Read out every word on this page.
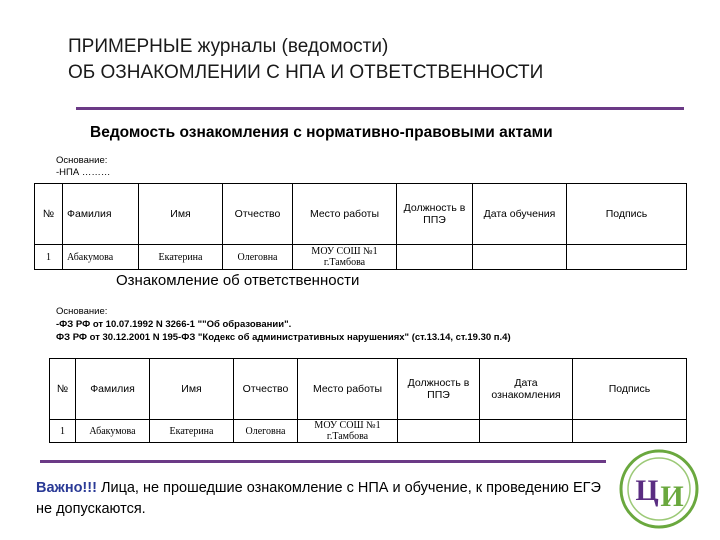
ПРИМЕРНЫЕ журналы (ведомости)
ОБ ОЗНАКОМЛЕНИИ С НПА И ОТВЕТСТВЕННОСТИ
Ведомость ознакомления с нормативно-правовыми актами
Основание:
-НПА ………
№	Фамилия	Имя	Отчество	Место работы	Должность в ППЭ	Дата обучения	Подпись
1	Абакумова	Екатерина	Олеговна	МОУ СОШ №1 г.Тамбова			
Ознакомление об ответственности
Основание:
-ФЗ РФ от 10.07.1992 N 3266-1 ""Об образовании".
ФЗ РФ от 30.12.2001 N 195-ФЗ "Кодекс об административных нарушениях" (ст.13.14, ст.19.30 п.4)
№	Фамилия	Имя	Отчество	Место работы	Должность в ППЭ	Дата ознакомления	Подпись
1	Абакумова	Екатерина	Олеговна	МОУ СОШ №1 г.Тамбова			
Важно!!! Лица, не прошедшие ознакомление с НПА и обучение, к проведению ЕГЭ не допускаются.
Ц И
